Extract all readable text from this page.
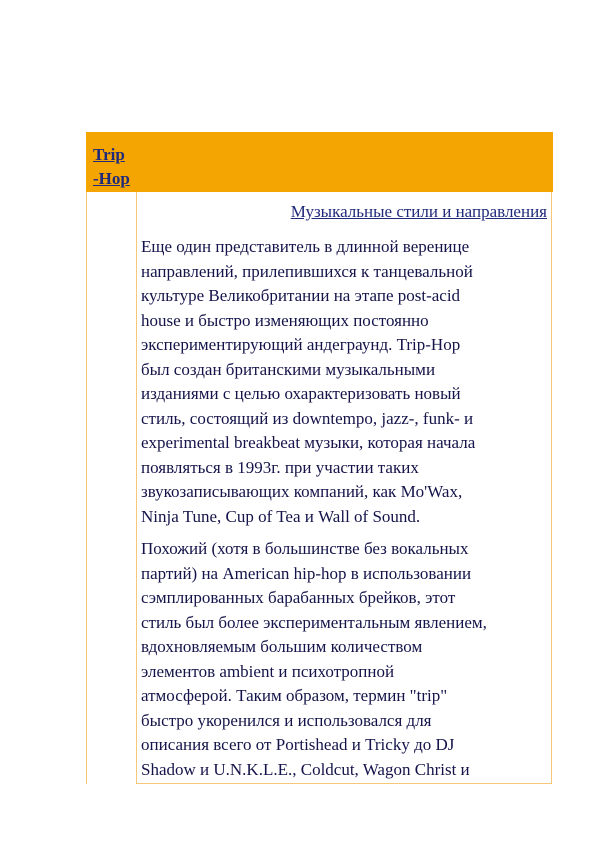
Trip
-Hop
Музыкальные стили и направления

Еще один представитель в длинной веренице
направлений, прилепившихся к танцевальной
культуре Великобритании на этапе post-acid
house и быстро изменяющих постоянно
экспериментирующий андеграунд. Trip-Hop
был создан британскими музыкальными
изданиями с целью охарактеризовать новый
стиль, состоящий из downtempo, jazz-, funk- и
experimental breakbeat музыки, которая начала
появляться в 1993г. при участии таких
звукозаписывающих компаний, как Mo'Wax,
Ninja Tune, Cup of Tea и Wall of Sound.

Похожий (хотя в большинстве без вокальных
партий) на American hip-hop в использовании
сэмплированных барабанных брейков, этот
стиль был более экспериментальным явлением,
вдохновляемым большим количеством
элементов ambient и психотропной
атмосферой. Таким образом, термин "trip"
быстро укоренился и использовался для
описания всего от Portishead и Tricky до DJ
Shadow и U.N.K.L.E., Coldcut, Wagon Christ и
